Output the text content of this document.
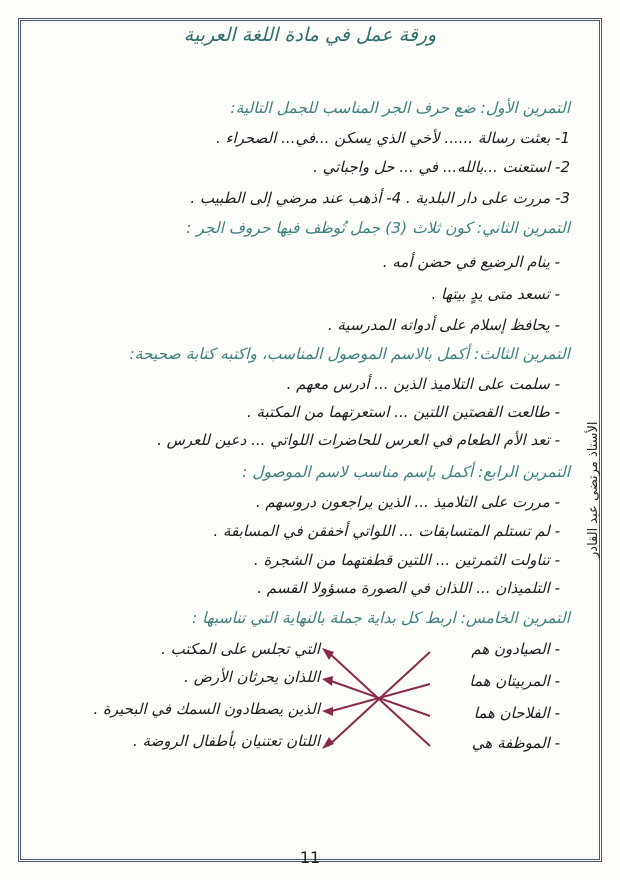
ورقة عمل في مادة اللغة العربية
الأستاذ مرتضى عبد القادر
التمرين الأول: ضع حرف الجر المناسب للجمل التالية:
1- بعثت رسالة ...... لأخي الذي يسكن ...في... الصحراء .
2- استعنت ...بالله... في ... حل واجباتي .
3- مررت على دار البلدية . 4- أذهب عند مرضي إلى الطبيب .
التمرين الثاني: كون ثلاث (3) جمل تُوظف فيها حروف الجر :
- ينام الرضيع في حضن أمه .
- تسعد متى يدٍ بيتها .
- يحافظ إسلام على أدواته المدرسية .
التمرين الثالث: أكمل بالاسم الموصول المناسب، واكتبه كتابة صحيحة:
- سلمت على التلاميذ الذين ... أدرس معهم .
- طالعت القصتين اللتين ... استعرتهما من المكتبة .
- تعد الأم الطعام في العرس للحاضرات اللواتي ... دعين للعرس .
التمرين الرابع: أكمل بإسم مناسب لاسم الموصول :
- مررت على التلاميذ ... الذين يراجعون دروسهم .
- لم تستلم المتسابقات ... اللواتي أخفقن في المسابقة .
- تناولت الثمرتين ... اللتين قطفتهما من الشجرة .
- التلميذان ... اللذان في الصورة مسؤولا القسم .
التمرين الخامس: اربط كل بداية جملة بالنهاية التي تناسبها :
- الصيادون هم
- المربيتان هما
- الفلاحان هما
- الموظفة هي
التي تجلس على المكتب .
اللذان يحرثان الأرض .
الذين يصطادون السمك في البحيرة .
اللتان تعتنيان بأطفال الروضة .
11
